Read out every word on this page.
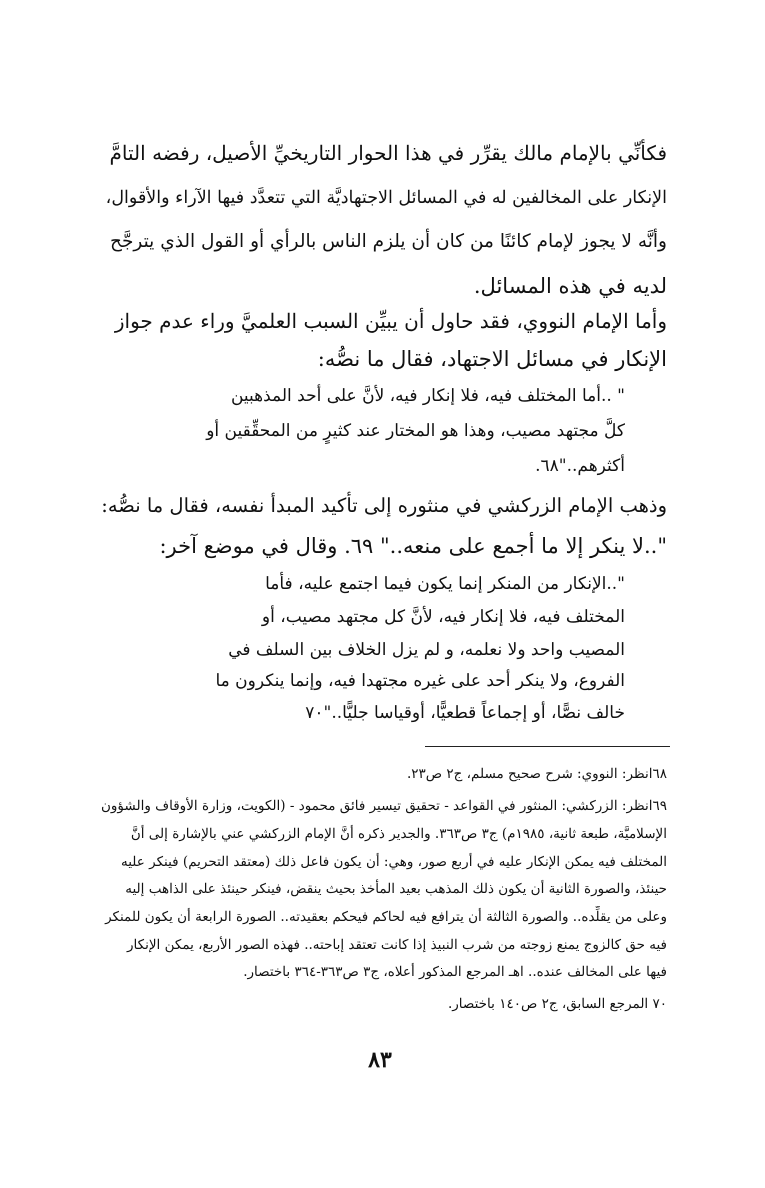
فكأنِّي بالإمام مالك يقرِّر في هذا الحوار التاريخيِّ الأصيل، رفضه التامَّ
الإنكار على المخالفين له في المسائل الاجتهاديَّة التي تتعدَّد فيها الآراء والأقوال،
وأنَّه لا يجوز لإمام كائنًا من كان أن يلزم الناس بالرأي أو القول الذي يترجَّح
لديه في هذه المسائل.
وأما الإمام النووي، فقد حاول أن يبيِّن السبب العلميَّ وراء عدم جواز
الإنكار في مسائل الاجتهاد، فقال ما نصُّه:
" ..أما المختلف فيه، فلا إنكار فيه، لأنَّ على أحد المذهبين
كلَّ مجتهد مصيب، وهذا هو المختار عند كثيرٍ من المحقِّقين أو
أكثرهم.."٦٨.
وذهب الإمام الزركشي في منثوره إلى تأكيد المبدأ نفسه، فقال ما نصُّه:
"..لا ينكر إلا ما أجمع على منعه.." ٦٩. وقال في موضع آخر:
"..الإنكار من المنكر إنما يكون فيما اجتمع عليه، فأما
المختلف فيه، فلا إنكار فيه، لأنَّ كل مجتهد مصيب، أو
المصيب واحد ولا نعلمه، و لم يزل الخلاف بين السلف في
الفروع، ولا ينكر أحد على غيره مجتهدا فيه، وإنما ينكرون ما
خالف نصًّا، أو إجماعاً قطعيًّا، أوقياسا جليًّا.."٧٠
٦٨انظر: النووي: شرح صحيح مسلم، ج٢ ص٢٣.
٦٩انظر: الزركشي: المنثور في القواعد - تحقيق تيسير فائق محمود - (الكويت، وزارة الأوقاف والشؤون
الإسلاميَّة، طبعة ثانية، ١٩٨٥م) ج٣ ص٣٦٣. والجدير ذكره أنَّ الإمام الزركشي عني بالإشارة إلى أنَّ
المختلف فيه يمكن الإنكار عليه في أربع صور، وهي: أن يكون فاعل ذلك (معتقد التحريم) فينكر عليه
حينئذ، والصورة الثانية أن يكون ذلك المذهب بعيد المأخذ بحيث ينقض، فينكر حينئذ على الذاهب إليه
وعلى من يقلِّده.. والصورة الثالثة أن يترافع فيه لحاكم فيحكم بعقيدته.. الصورة الرابعة أن يكون للمنكر
فيه حق كالزوج يمنع زوجته من شرب النبيذ إذا كانت تعتقد إباحته.. فهذه الصور الأربع، يمكن الإنكار
فيها على المخالف عنده.. اهـ المرجع المذكور أعلاه، ج٣ ص٣٦٣-٣٦٤ باختصار.
٧٠ المرجع السابق، ج٢ ص١٤٠ باختصار.
٨٣
